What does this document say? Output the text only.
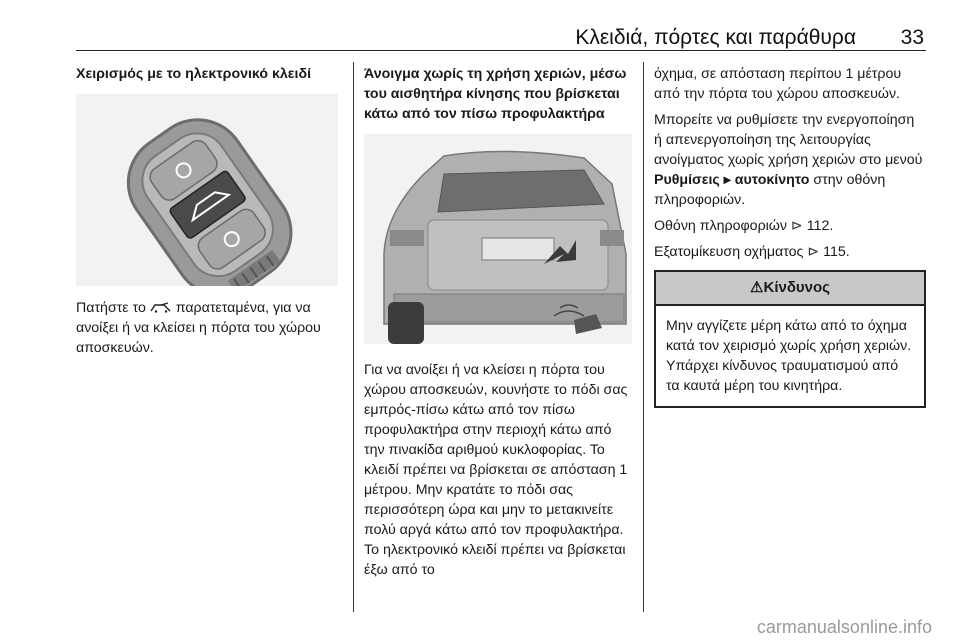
Κλειδιά, πόρτες και παράθυρα 33
Χειρισμός με το ηλεκτρονικό κλειδί

Πατήστε το  παρατεταμένα, για να ανοίξει ή να κλείσει η πόρτα του χώρου αποσκευών.

Άνοιγμα χωρίς τη χρήση χεριών, μέσω του αισθητήρα κίνησης που βρίσκεται κάτω από τον πίσω προφυλακτήρα

Για να ανοίξει ή να κλείσει η πόρτα του χώρου αποσκευών, κουνήστε το πόδι σας εμπρός-πίσω κάτω από τον πίσω προφυλακτήρα στην περιοχή κάτω από την πινακίδα αριθμού κυκλοφορίας. Το κλειδί πρέπει να βρίσκεται σε απόσταση 1 μέτρου. Μην κρατάτε το πόδι σας περισσότερη ώρα και μην το μετακινείτε πολύ αργά κάτω από τον προφυλακτήρα. Το ηλεκτρονικό κλειδί πρέπει να βρίσκεται έξω από το

όχημα, σε απόσταση περίπου 1 μέτρου από την πόρτα του χώρου αποσκευών.

Μπορείτε να ρυθμίσετε την ενεργοποίηση ή απενεργοποίηση της λειτουργίας ανοίγματος χωρίς χρήση χεριών στο μενού Ρυθμίσεις ▸ αυτοκίνητο στην οθόνη πληροφοριών.

Οθόνη πληροφοριών ⊳ 112.

Εξατομίκευση οχήματος ⊳ 115.

⚠Κίνδυνος
Μην αγγίζετε μέρη κάτω από το όχημα κατά τον χειρισμό χωρίς χρήση χεριών. Υπάρχει κίνδυνος τραυματισμού από τα καυτά μέρη του κινητήρα.
carmanualsonline.info
